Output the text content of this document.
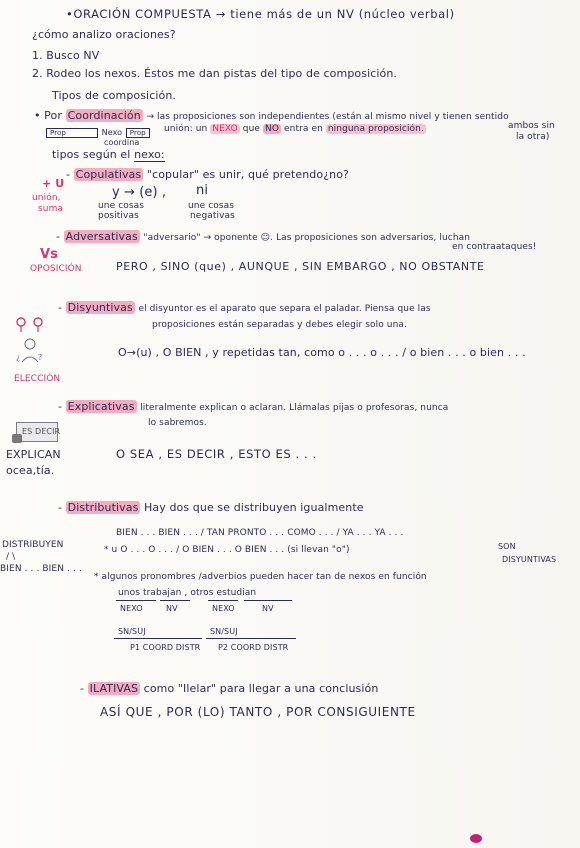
•ORACIÓN COMPUESTA → tiene más de un NV (núcleo verbal)
¿cómo analizo oraciones?
1. Busco NV
2. Rodeo los nexos. Éstos me dan pistas del tipo de composición.
Tipos de composición.
• Por Coordinación → las proposiciones son independientes (están al mismo nivel y tienen sentido
ambos sin
la otra)
Prop	Nexo Prop
coordina
unión: un NEXO que NO entra en ninguna proposición.
tipos según el nexo:
+ U
unión,
suma
- Copulativas "copular" es unir, qué pretendo¿no?
y → (e) , ni
une cosas
positivas
une cosas
negativas
- Adversativas "adversario" → oponente ☺. Las proposiciones son adversarios, luchan
en contraataques!
Vs
OPOSICIÓN	PERO , SINO (que) , AUNQUE , SIN EMBARGO , NO OBSTANTE
- Disyuntivas el disyuntor es el aparato que separa el paladar. Piensa que las
proposiciones están separadas y debes elegir solo una.
¿ ?
ELECCIÓN
O→(u) , O BIEN , y repetidas tan, como o . . . o . . . / o bien . . . o bien . . .
- Explicativas literalmente explican o aclaran. Llámalas pijas o profesoras, nunca
lo sabremos.
ES DECIR
EXPLICAN
ocea,tía.
O SEA , ES DECIR , ESTO ES . . .
- Distributivas Hay dos que se distribuyen igualmente
DISTRIBUYEN
/ \
BIEN . . . BIEN . . .
BIEN . . . BIEN . . . / TAN PRONTO . . . COMO . . . / YA . . . YA . . .
* u O . . . O . . . / O BIEN . . . O BIEN . . . (si llevan "o")	SON
DISYUNTIVAS
* algunos pronombres /adverbios pueden hacer tan de nexos en función
unos trabajan , otros estudian
NEXO	NV	NEXO	NV
SN/SUJ	SN/SUJ
P1 COORD DISTR P2 COORD DISTR
- ILATIVAS como "Ilelar" para llegar a una conclusión
ASÍ QUE , POR (LO) TANTO , POR CONSIGUIENTE
